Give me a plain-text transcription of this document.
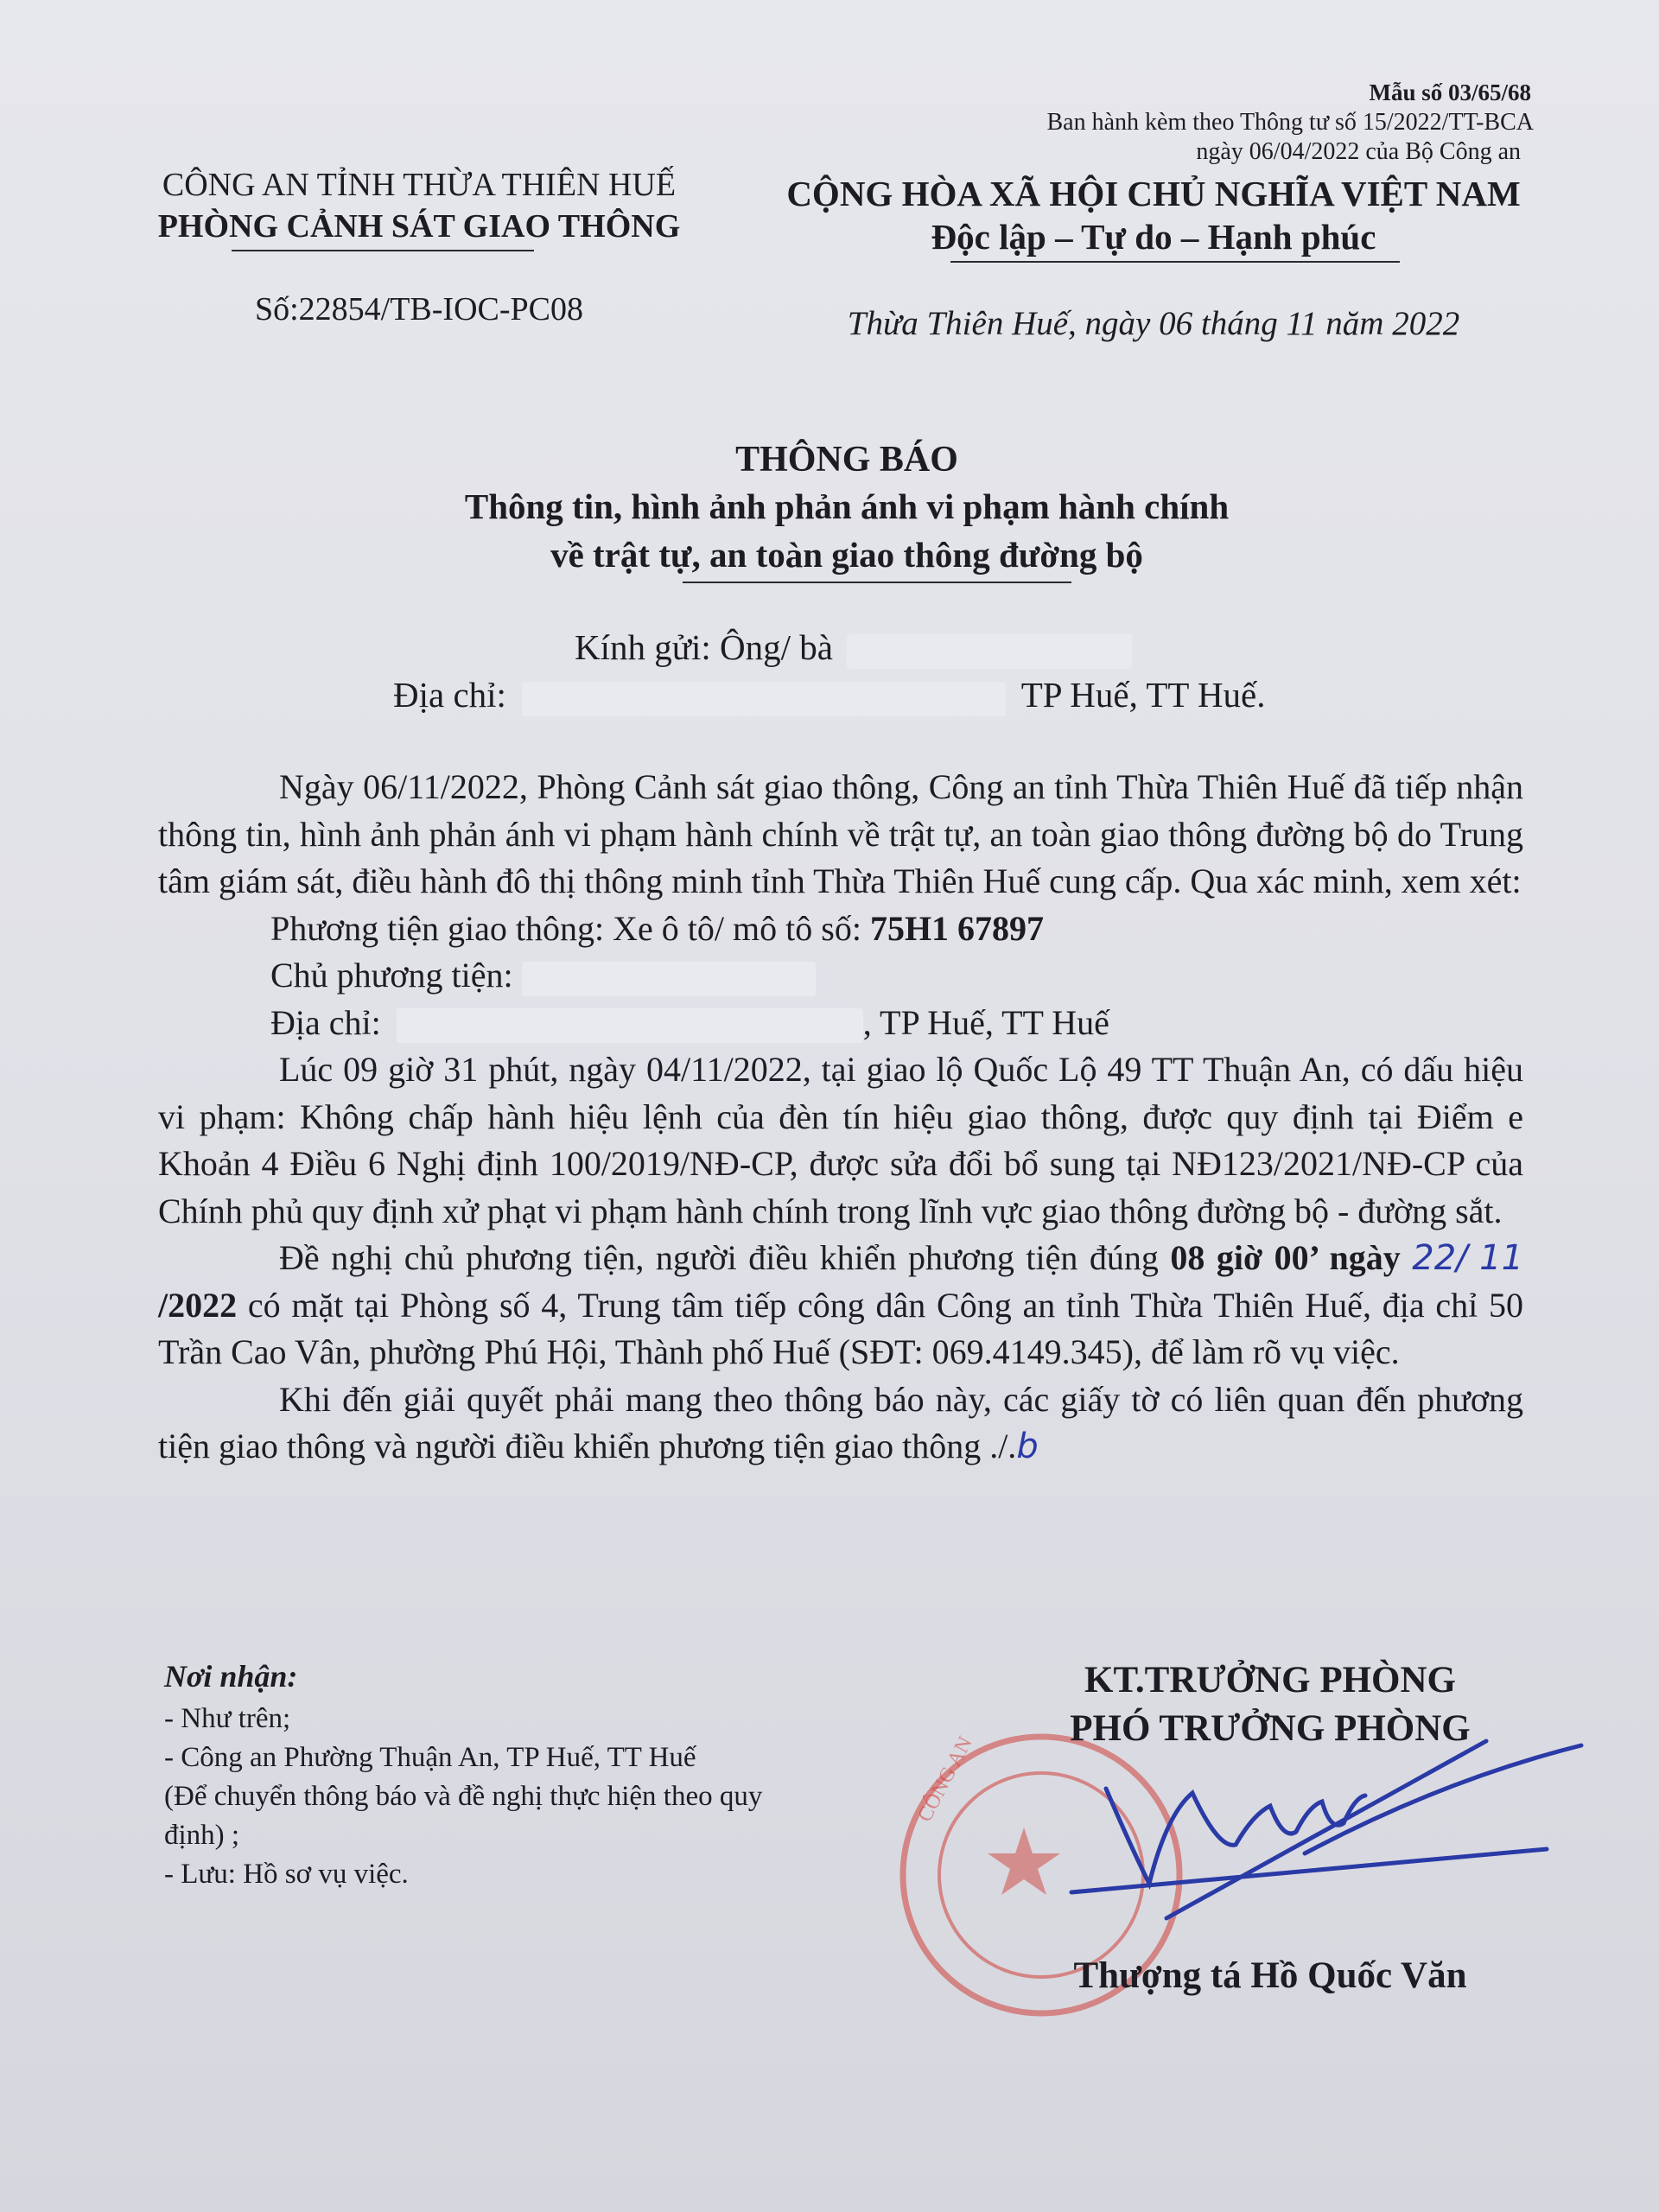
Mẫu số 03/65/68
Ban hành kèm theo Thông tư số 15/2022/TT-BCA
ngày 06/04/2022 của Bộ Công an
CÔNG AN TỈNH THỪA THIÊN HUẾ
PHÒNG CẢNH SÁT GIAO THÔNG
Số:22854/TB-IOC-PC08
CỘNG HÒA XÃ HỘI CHỦ NGHĨA VIỆT NAM
Độc lập – Tự do – Hạnh phúc
Thừa Thiên Huế, ngày 06 tháng 11 năm 2022
THÔNG BÁO
Thông tin, hình ảnh phản ánh vi phạm hành chính
về trật tự, an toàn giao thông đường bộ
Kính gửi: Ông/ bà
Địa chỉ:	TP Huế, TT Huế.

Ngày 06/11/2022, Phòng Cảnh sát giao thông, Công an tỉnh Thừa Thiên Huế đã tiếp nhận thông tin, hình ảnh phản ánh vi phạm hành chính về trật tự, an toàn giao thông đường bộ do Trung tâm giám sát, điều hành đô thị thông minh tỉnh Thừa Thiên Huế cung cấp. Qua xác minh, xem xét:

Phương tiện giao thông: Xe ô tô/ mô tô số: 75H1 67897

Chủ phương tiện:

Địa chỉ:	, TP Huế, TT Huế

Lúc 09 giờ 31 phút, ngày 04/11/2022, tại giao lộ Quốc Lộ 49 TT Thuận An, có dấu hiệu vi phạm: Không chấp hành hiệu lệnh của đèn tín hiệu giao thông, được quy định tại Điểm e Khoản 4 Điều 6 Nghị định 100/2019/NĐ-CP, được sửa đổi bổ sung tại NĐ123/2021/NĐ-CP của Chính phủ quy định xử phạt vi phạm hành chính trong lĩnh vực giao thông đường bộ - đường sắt.

Đề nghị chủ phương tiện, người điều khiển phương tiện đúng 08 giờ 00’ ngày 22/ 11 /2022 có mặt tại Phòng số 4, Trung tâm tiếp công dân Công an tỉnh Thừa Thiên Huế, địa chỉ 50 Trần Cao Vân, phường Phú Hội, Thành phố Huế (SĐT: 069.4149.345), để làm rõ vụ việc.

Khi đến giải quyết phải mang theo thông báo này, các giấy tờ có liên quan đến phương tiện giao thông và người điều khiển phương tiện giao thông ./.b

Nơi nhận:
- Như trên;
- Công an Phường Thuận An, TP Huế, TT Huế
(Để chuyển thông báo và đề nghị thực hiện theo quy định) ;
- Lưu: Hồ sơ vụ việc.
CÔNG AN
KT.TRƯỞNG PHÒNG
PHÓ TRƯỞNG PHÒNG
Thượng tá Hồ Quốc Văn
